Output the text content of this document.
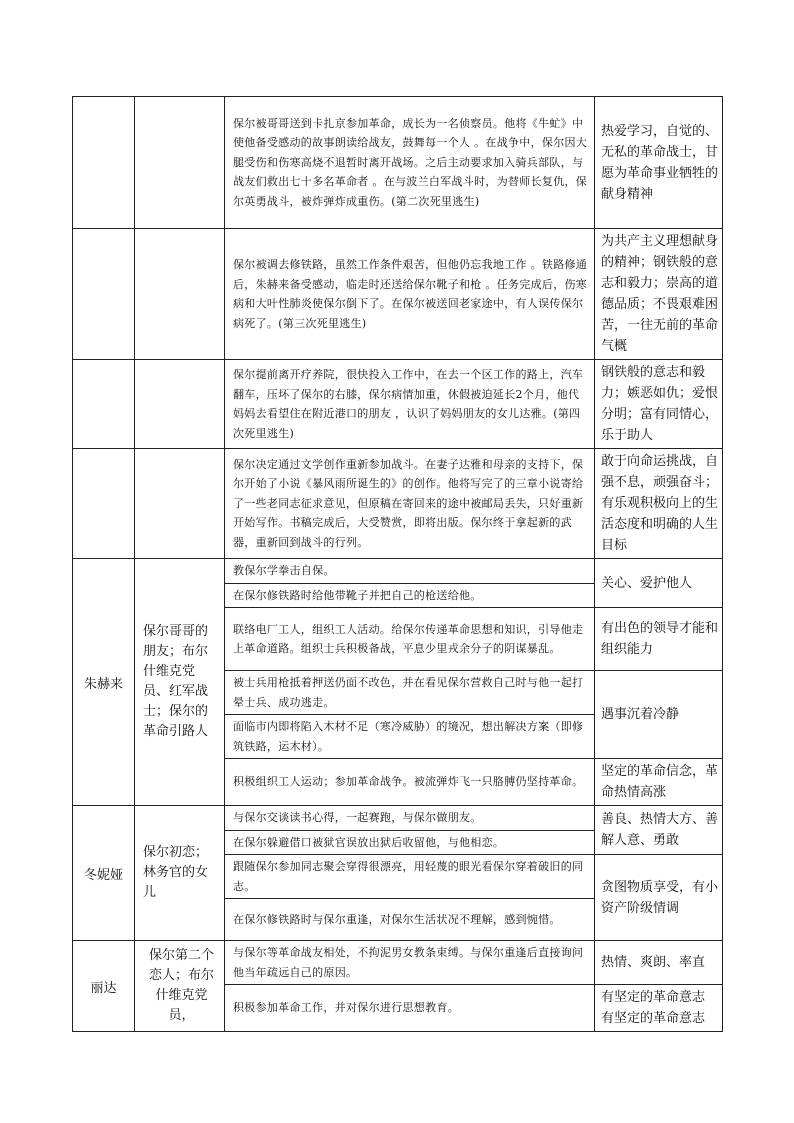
		保尔被哥哥送到卡扎京参加革命，成长为一名侦察员。他将《牛虻》中使他备受感动的故事朗读给战友，鼓舞每一个人 。在战争中，保尔因大腿受伤和伤寒高烧不退暂时离开战场。之后主动要求加入骑兵部队，与战友们救出七十多名革命者 。在与波兰白军战斗时，为替师长复仇，保尔英勇战斗，被炸弹炸成重伤。(第二次死里逃生)	热爱学习，自觉的、无私的革命战士，甘愿为革命事业牺牲的献身精神
		保尔被调去修铁路，虽然工作条件艰苦，但他仍忘我地工作 。铁路修通后，朱赫来备受感动，临走时还送给保尔靴子和枪 。任务完成后，伤寒病和大叶性肺炎使保尔倒下了。在保尔被送回老家途中，有人误传保尔病死了。(第三次死里逃生)	为共产主义理想献身的精神；钢铁般的意志和毅力；崇高的道德品质；不畏艰难困苦，一往无前的革命气概
		保尔提前离开疗养院，很快投入工作中，在去一个区工作的路上，汽车翻车，压坏了保尔的右膝，保尔病情加重，休假被迫延长2个月，他代妈妈去看望住在附近港口的朋友 ，认识了妈妈朋友的女儿达雅。(第四次死里逃生)	钢铁般的意志和毅力；嫉恶如仇；爱恨分明；富有同情心，乐于助人
		保尔决定通过文学创作重新参加战斗。在妻子达雅和母亲的支持下，保尔开始了小说《暴风雨所诞生的》的创作。他将写完了的三章小说寄给了一些老同志征求意见，但原稿在寄回来的途中被邮局丢失，只好重新开始写作。书稿完成后，大受赞赏，即将出版。保尔终于拿起新的武器，重新回到战斗的行列。	敢于向命运挑战，自强不息，顽强奋斗；有乐观积极向上的生活态度和明确的人生目标
朱赫来	保尔哥哥的朋友；布尔什维克党员、红军战士；保尔的革命引路人	教保尔学拳击自保。	关心、爱护他人
		在保尔修铁路时给他带靴子并把自己的枪送给他。	
		联络电厂工人，组织工人活动。给保尔传递革命思想和知识，引导他走上革命道路。组织士兵积极备战，平息少里戎余分子的阴谋暴乱。	有出色的领导才能和组织能力
		被士兵用枪抵着押送仍面不改色，并在看见保尔营救自己时与他一起打晕士兵、成功逃走。	遇事沉着冷静
		面临市内即将陷入木材不足（寒冷威胁）的境况，想出解决方案（即修筑铁路，运木材）。	
		积极组织工人运动；参加革命战争。被流弹炸飞一只胳膊仍坚持革命。	坚定的革命信念，革命热情高涨
冬妮娅	保尔初恋；林务官的女儿	与保尔交谈读书心得，一起赛跑，与保尔做朋友。	善良、热情大方、善解人意、勇敢
		在保尔躲避借口被狱官误放出狱后收留他，与他相恋。	
		跟随保尔参加同志聚会穿得很漂亮，用轻蔑的眼光看保尔穿着破旧的同志。	贪图物质享受，有小资产阶级情调
		在保尔修铁路时与保尔重逢，对保尔生活状况不理解，感到惋惜。	
丽达	保尔第二个恋人；布尔什维克党员，	与保尔等革命战友相处，不拘泥男女教条束缚。与保尔重逢后直接询问他当年疏远自己的原因。	热情、爽朗、率直
		积极参加革命工作，并对保尔进行思想教育。	有坚定的革命意志
有坚定的革命意志
